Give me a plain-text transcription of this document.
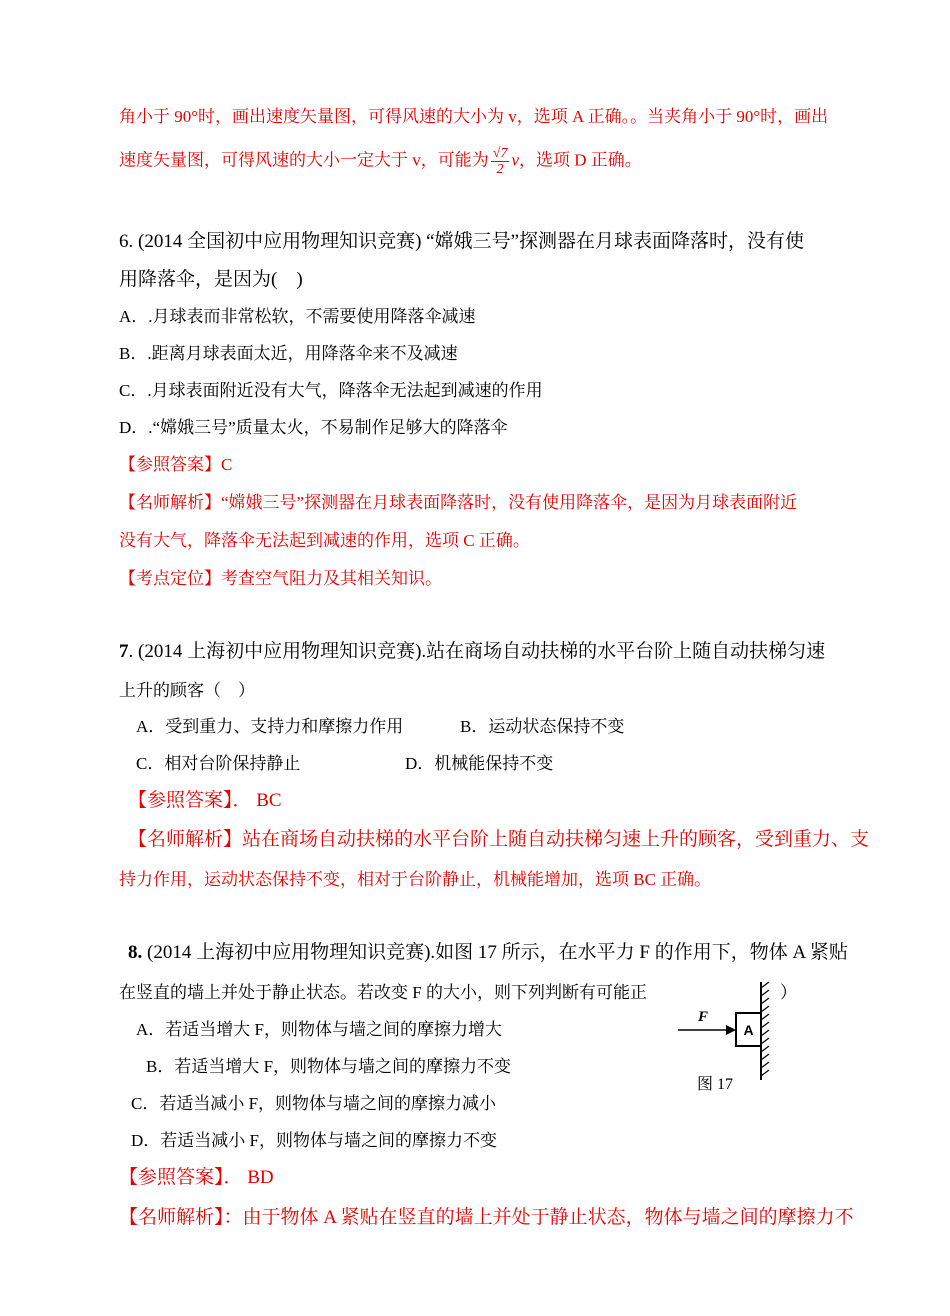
角小于 90°时，画出速度矢量图，可得风速的大小为 v，选项 A 正确。。当夹角小于 90°时，画出
速度矢量图，可得风速的大小一定大于 v，可能为 $\frac{√7}{2}$ v，选项 D 正确。
6. (2014 全国初中应用物理知识竞赛) “嫦娥三号”探测器在月球表面降落时，没有使
用降落伞，是因为(　)
A．.月球表而非常松软，不需要使用降落伞减速
B．.距离月球表面太近，用降落伞来不及减速
C．.月球表面附近没有大气，降落伞无法起到减速的作用
D．.“嫦娥三号”质量太火，不易制作足够大的降落伞
【参照答案】C
【名师解析】“嫦娥三号”探测器在月球表面降落时，没有使用降落伞，是因为月球表面附近
没有大气，降落伞无法起到减速的作用，选项 C 正确。
【考点定位】考查空气阻力及其相关知识。
7. (2014 上海初中应用物理知识竞赛).站在商场自动扶梯的水平台阶上随自动扶梯匀速
上升的顾客（　）
A．受到重力、支持力和摩擦力作用	B．运动状态保持不变
C．相对台阶保持静止	D．机械能保持不变
【参照答案】． BC
【名师解析】站在商场自动扶梯的水平台阶上随自动扶梯匀速上升的顾客，受到重力、支
持力作用，运动状态保持不变，相对于台阶静止，机械能增加，选项 BC 正确。
8. (2014 上海初中应用物理知识竞赛).如图 17 所示，在水平力 F 的作用下，物体 A 紧贴
在竖直的墙上并处于静止状态。若改变 F 的大小，则下列判断有可能正	）
A．若适当增大 F，则物体与墙之间的摩擦力增大
B．若适当增大 F，则物体与墙之间的摩擦力不变
C．若适当减小 F，则物体与墙之间的摩擦力减小
D．若适当减小 F，则物体与墙之间的摩擦力不变
【参照答案】． BD
【名师解析】：由于物体 A 紧贴在竖直的墙上并处于静止状态，物体与墙之间的摩擦力不
A
F
图 17
